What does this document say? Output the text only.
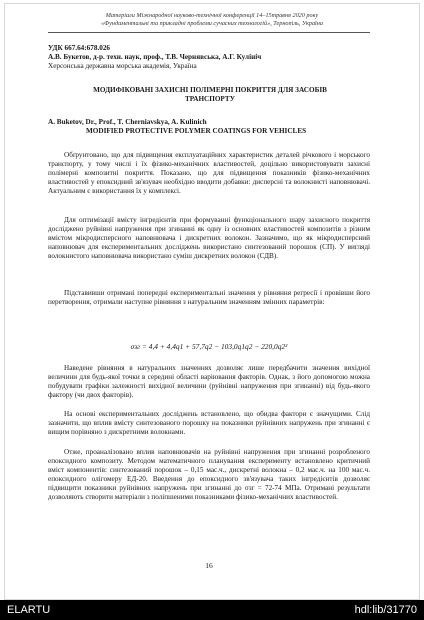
Матеріали Міжнародної науково-технічної конференції 14–15травня 2020 року
«Фундаментальні та прикладні проблеми сучасних технологій», Тернопіль, Україна
УДК 667.64:678.026
А.В. Букетов, д-р. техн. наук, проф., Т.В. Чернявська, А.Г. Кулініч
Херсонська державна морська академія, Україна
МОДИФІКОВАНІ ЗАХИСНІ ПОЛІМЕРНІ ПОКРИТТЯ ДЛЯ ЗАСОБІВ ТРАНСПОРТУ
A. Buketov, Dr., Prof., T. Cherniavskya, A. Kulinich
MODIFIED PROTECTIVE POLYMER COATINGS FOR VEHICLES
Обґрунтовано, що для підвищення експлуатаційних характеристик деталей річкового і морського транспорту, у тому числі і їх фізико-механічних властивостей, доцільно використовувати захисні полімерні композитні покриття. Показано, що для підвищення показників фізико-механічних властивостей у епоксидний зв'язувач необхідно вводити добавки: дисперсні та волокнисті наповнювачі. Актуальним є використання їх у комплексі.
Для оптимізації вмісту інгредієнтів при формуванні функціонального шару захисного покриття досліджено руйнівні напруження при згинанні як одну із основних властивостей композитів з різним вмістом мікродисперсного наповнювача і дискретних волокон. Зазначимо, що як мікродисперсний наповнювач для експериментальних досліджень використано синтезований порошок (СП). У вигляді волокнистого наповнювача використано суміш дискретних волокон (СДВ).
Підставивши отримані попередні експериментальні значення у рівняння регресії і провівши його перетворення, отримали наступне рівняння з натуральним значенням змінних параметрів:
σзг = 4,4 + 4,4q1 + 57,7q2 − 103,0q1q2 − 220,0q2²
Наведене рівняння в натуральних значеннях дозволяє лише передбачити значення вихідної величини для будь-якої точки в середині області варіювання факторів. Однак, з його допомогою можна побудувати графіки залежності вихідної величини (руйнівні напруження при згинанні) від будь-якого фактору (чи двох факторів).
На основі експериментальних досліджень встановлено, що обидва фактори є значущими. Слід зазначити, що вплив вмісту синтезованого порошку на показники руйнівних напружень при згинанні є вищим порівняно з дискретними волокнами.
Отже, проаналізовано вплив наповнювачів на руйнівні напруження при згинанні розробленого епоксидного композиту. Методом математичного планування експерименту встановлено критичний вміст компонентів: синтезований порошок – 0,15 мас.ч., дискретні волокна – 0,2 мас.ч. на 100 мас.ч. епоксидного олігомеру ЕД-20. Введення до епоксидного зв'язувача таких інгредієнтів дозволяє підвищити показники руйнівних напружень при згинанні до σзг = 72-74 МПа. Отримані результати дозволяють створити матеріали з поліпшеними показниками фізико-механічних властивостей.
16
ELARTU	hdl:lib/31770
